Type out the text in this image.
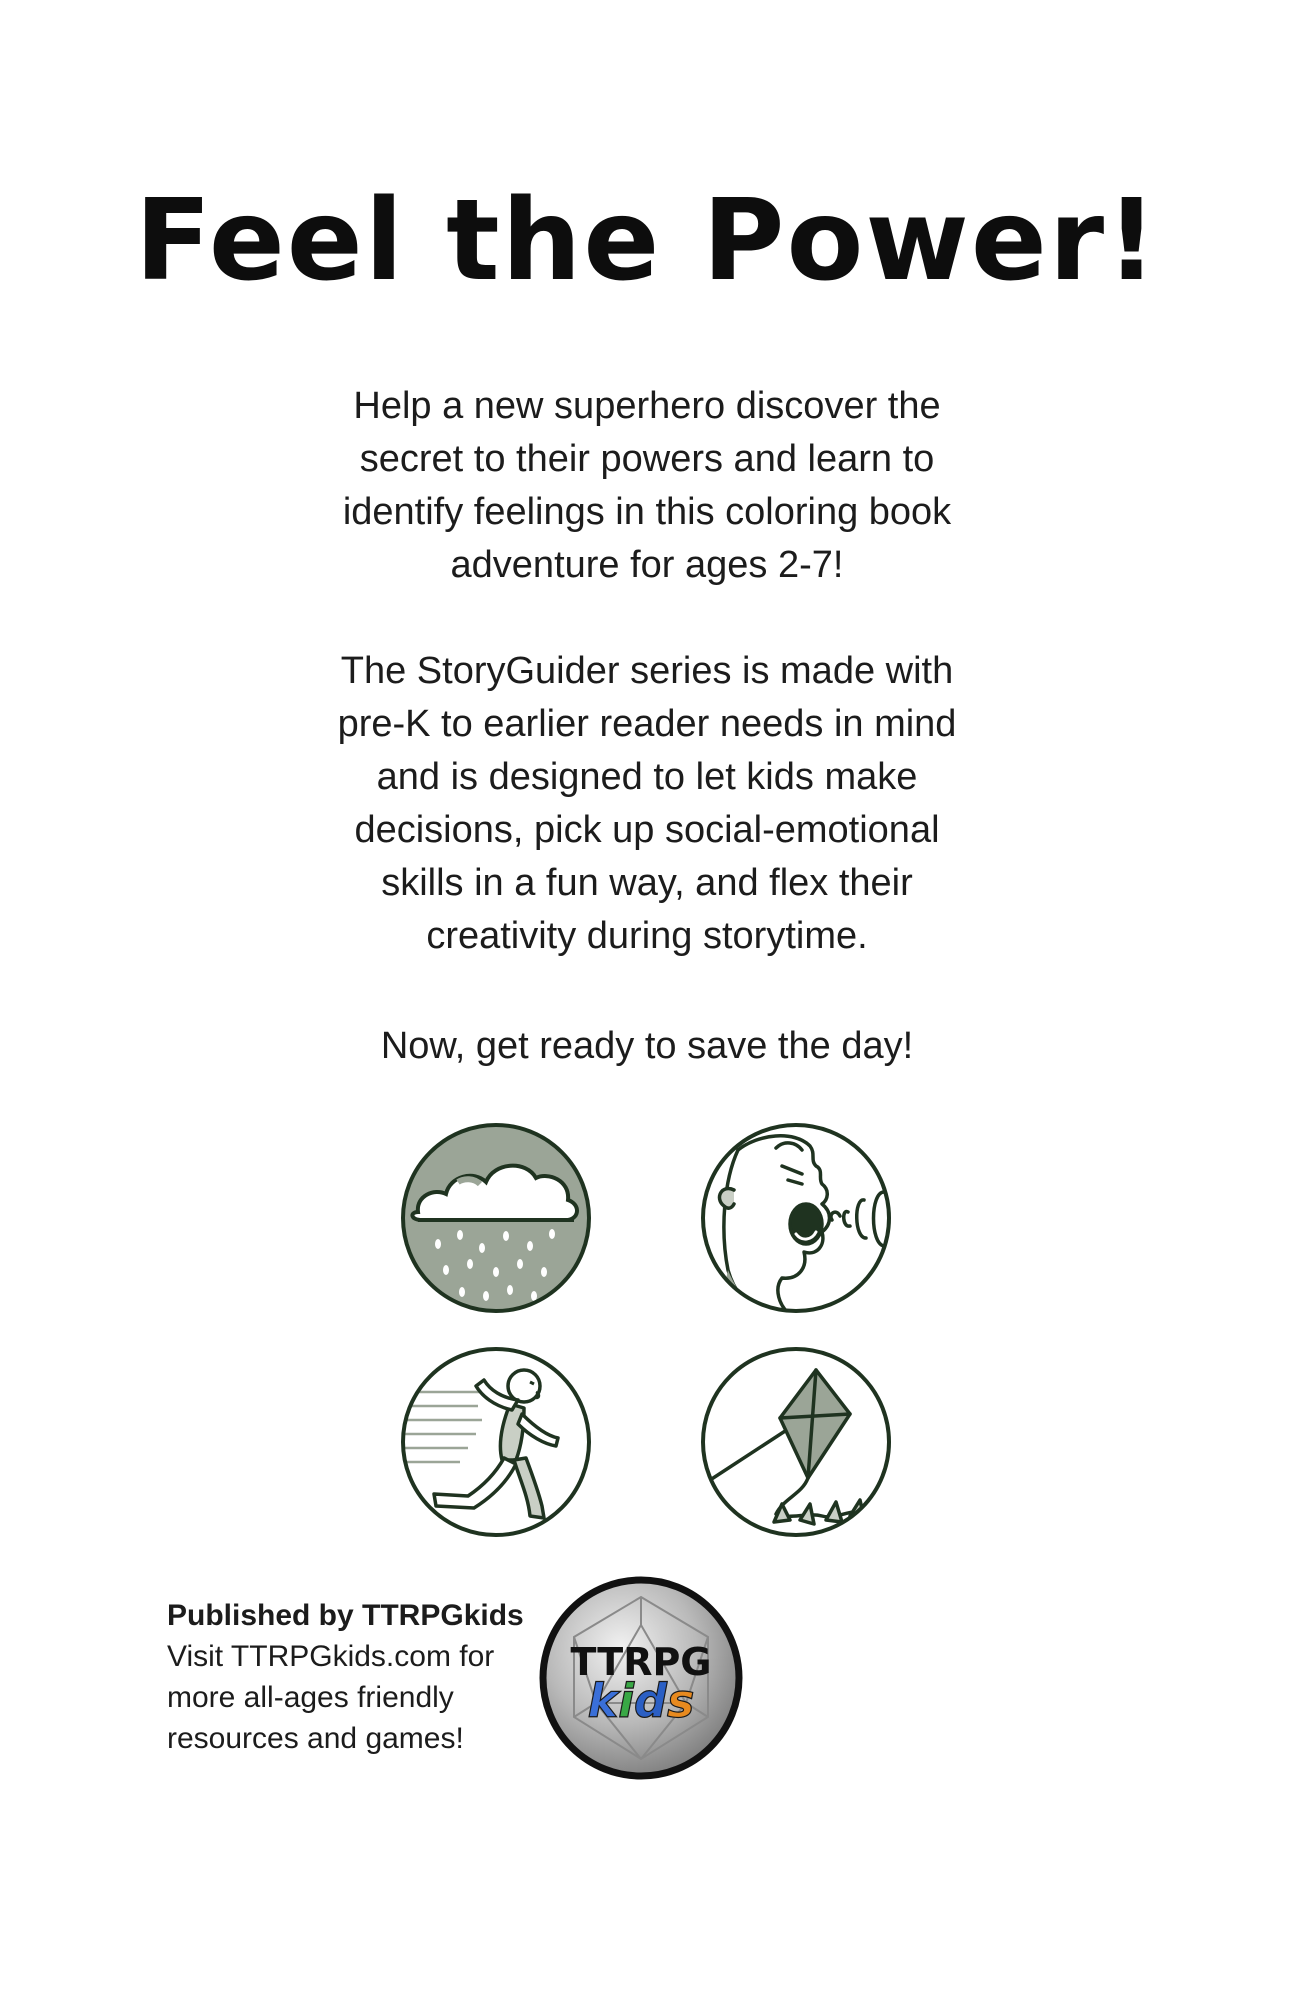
Feel the Power!
Help a new superhero discover the
secret to their powers and learn to
identify feelings in this coloring book
adventure for ages 2-7!
The StoryGuider series is made with
pre-K to earlier reader needs in mind
and is designed to let kids make
decisions, pick up social-emotional
skills in a fun way, and flex their
creativity during storytime.
Now, get ready to save the day!
Published by TTRPGkids
Visit TTRPGkids.com for
more all-ages friendly
resources and games!
TTRPG
kids
